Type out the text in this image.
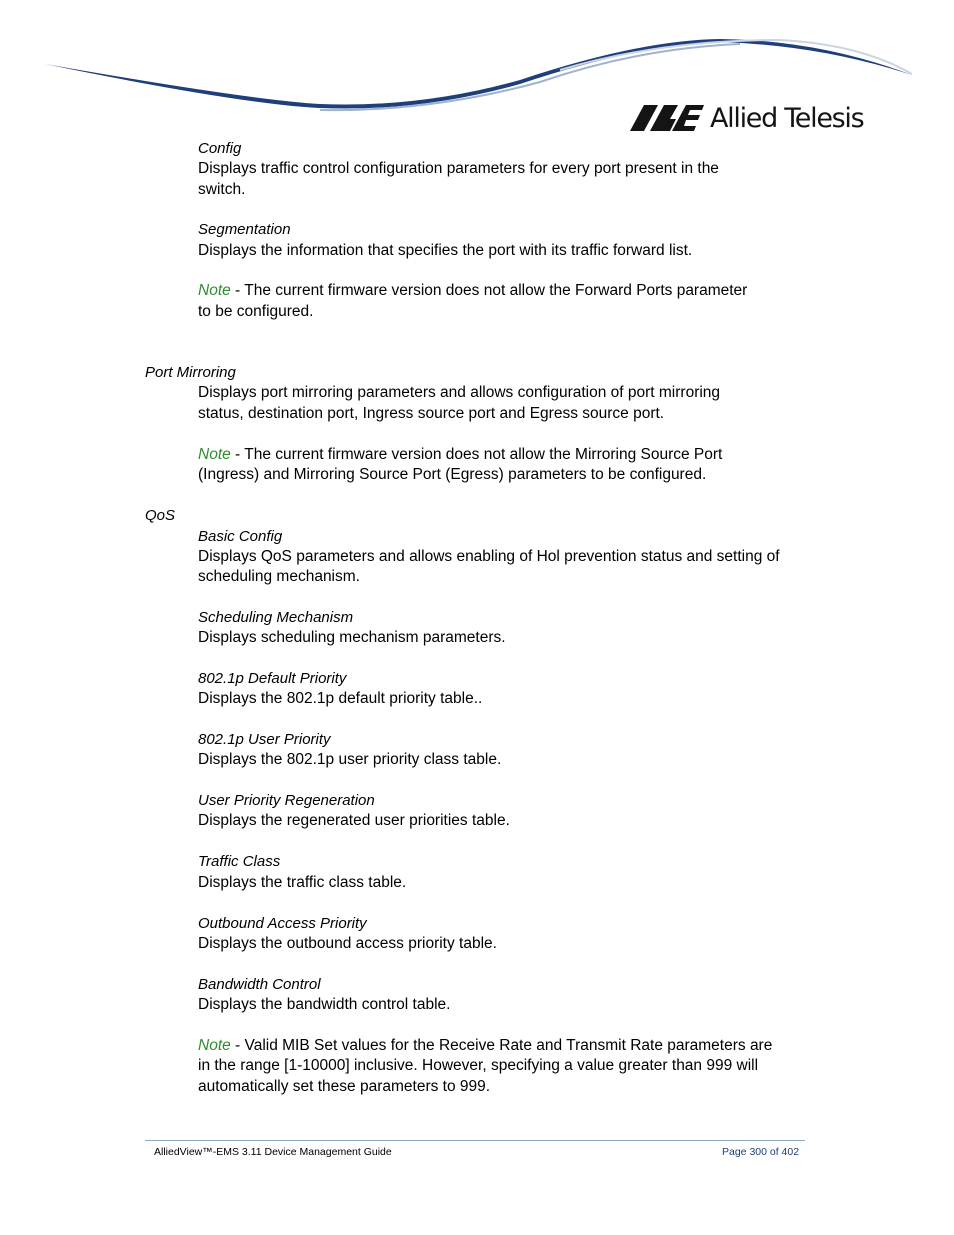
Allied Telesis
Config
Displays traffic control configuration parameters for every port present in the
switch.
Segmentation
Displays the information that specifies the port with its traffic forward list.
Note - The current firmware version does not allow the Forward Ports parameter
to be configured.
Port Mirroring
Displays port mirroring parameters and allows configuration of port mirroring
status, destination port, Ingress source port and Egress source port.
Note - The current firmware version does not allow the Mirroring Source Port
(Ingress) and Mirroring Source Port (Egress) parameters to be configured.
QoS
Basic Config
Displays QoS parameters and allows enabling of Hol prevention status and setting of
scheduling mechanism.
Scheduling Mechanism
Displays scheduling mechanism parameters.
802.1p Default Priority
Displays the 802.1p default priority table..
802.1p User Priority
Displays the 802.1p user priority class table.
User Priority Regeneration
Displays the regenerated user priorities table.
Traffic Class
Displays the traffic class table.
Outbound Access Priority
Displays the outbound access priority table.
Bandwidth Control
Displays the bandwidth control table.
Note - Valid MIB Set values for the Receive Rate and Transmit Rate parameters are
in the range [1-10000] inclusive. However, specifying a value greater than 999 will
automatically set these parameters to 999.
AlliedView™-EMS 3.11 Device Management Guide	Page 300 of 402
